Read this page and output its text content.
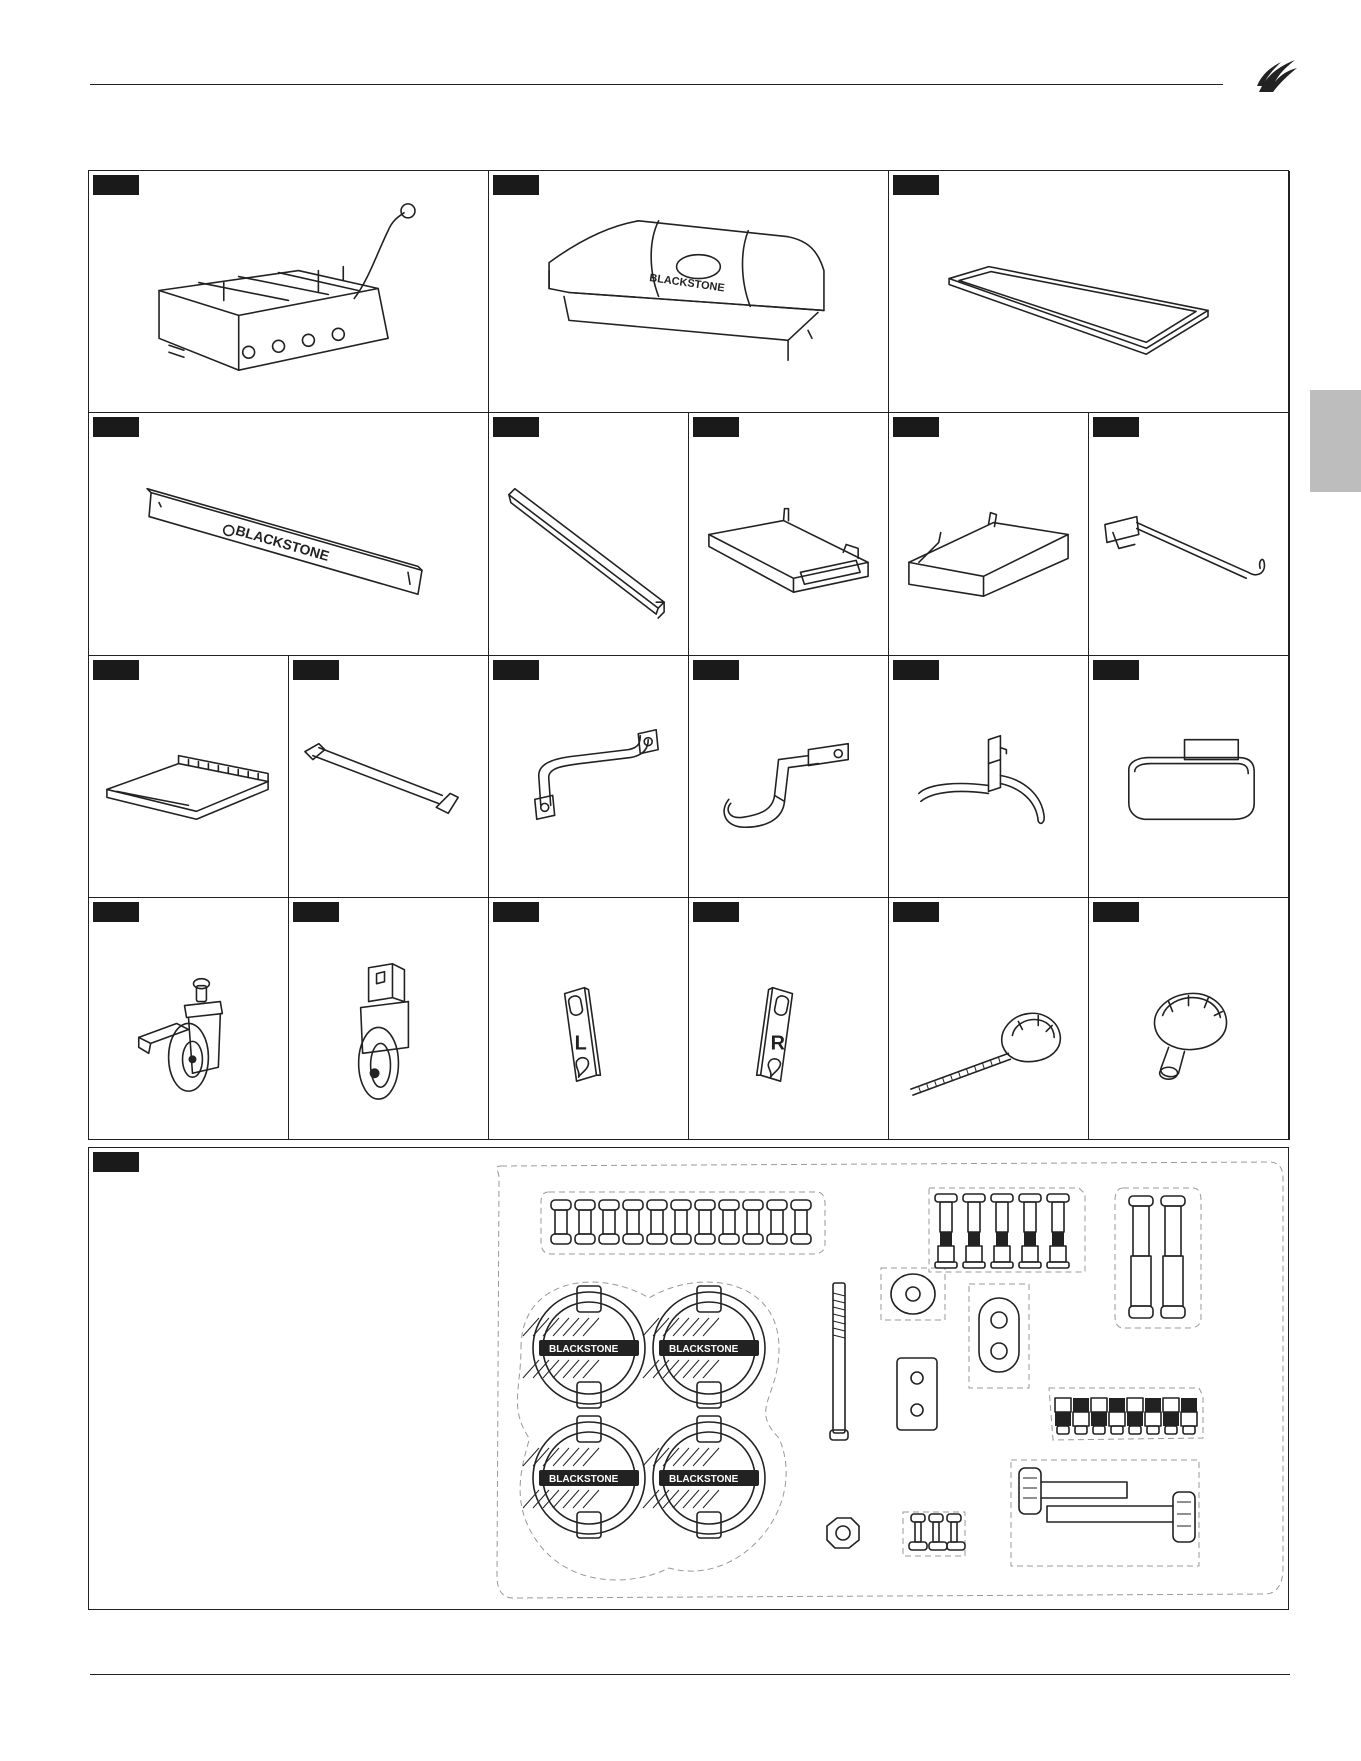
BLACKSTONE
BLACKSTONE
L	R
BLACKSTONE	BLACKSTONE
BLACKSTONE	BLACKSTONE
